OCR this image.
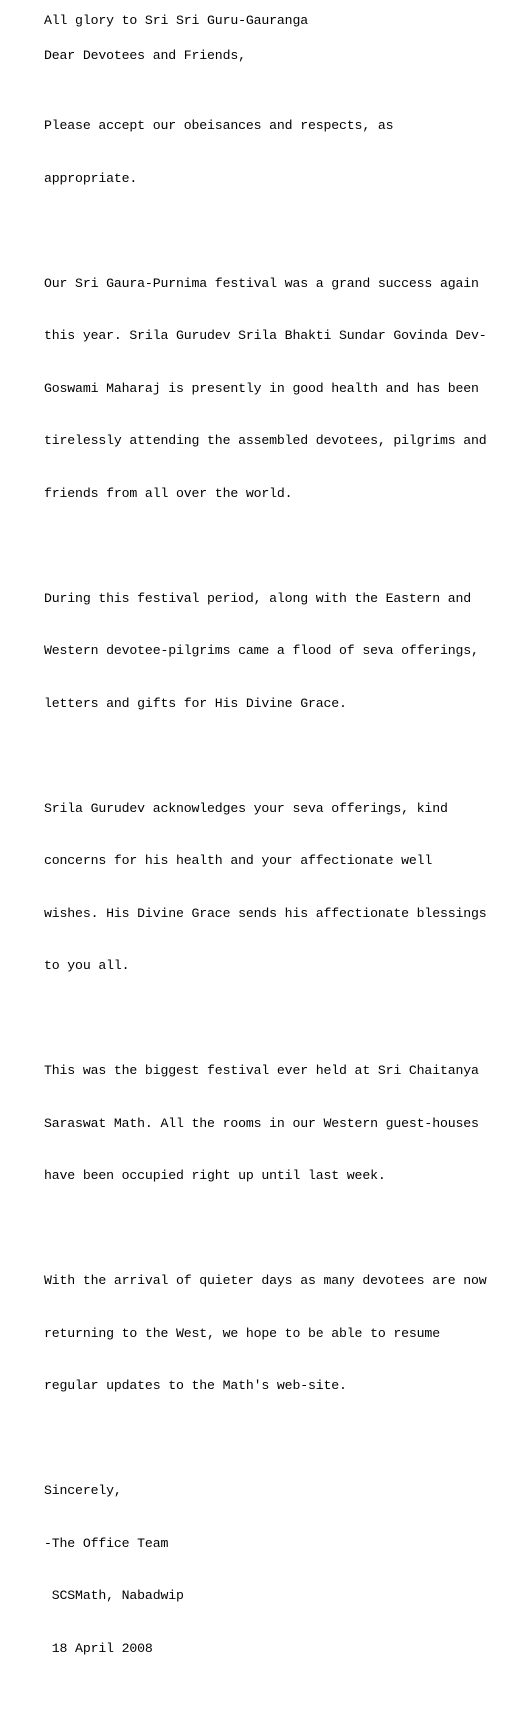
All glory to Sri Sri Guru-Gauranga

Dear Devotees and Friends,

Please accept our obeisances and respects, as

appropriate.

Our Sri Gaura-Purnima festival was a grand success again

this year. Srila Gurudev Srila Bhakti Sundar Govinda Dev-

Goswami Maharaj is presently in good health and has been

tirelessly attending the assembled devotees, pilgrims and

friends from all over the world.

During this festival period, along with the Eastern and

Western devotee-pilgrims came a flood of seva offerings,

letters and gifts for His Divine Grace.

Srila Gurudev acknowledges your seva offerings, kind

concerns for his health and your affectionate well

wishes. His Divine Grace sends his affectionate blessings

to you all.

This was the biggest festival ever held at Sri Chaitanya

Saraswat Math. All the rooms in our Western guest-houses

have been occupied right up until last week.

With the arrival of quieter days as many devotees are now

returning to the West, we hope to be able to resume

regular updates to the Math's web-site.

Sincerely,

-The Office Team

SCSMath, Nabadwip

18 April 2008
